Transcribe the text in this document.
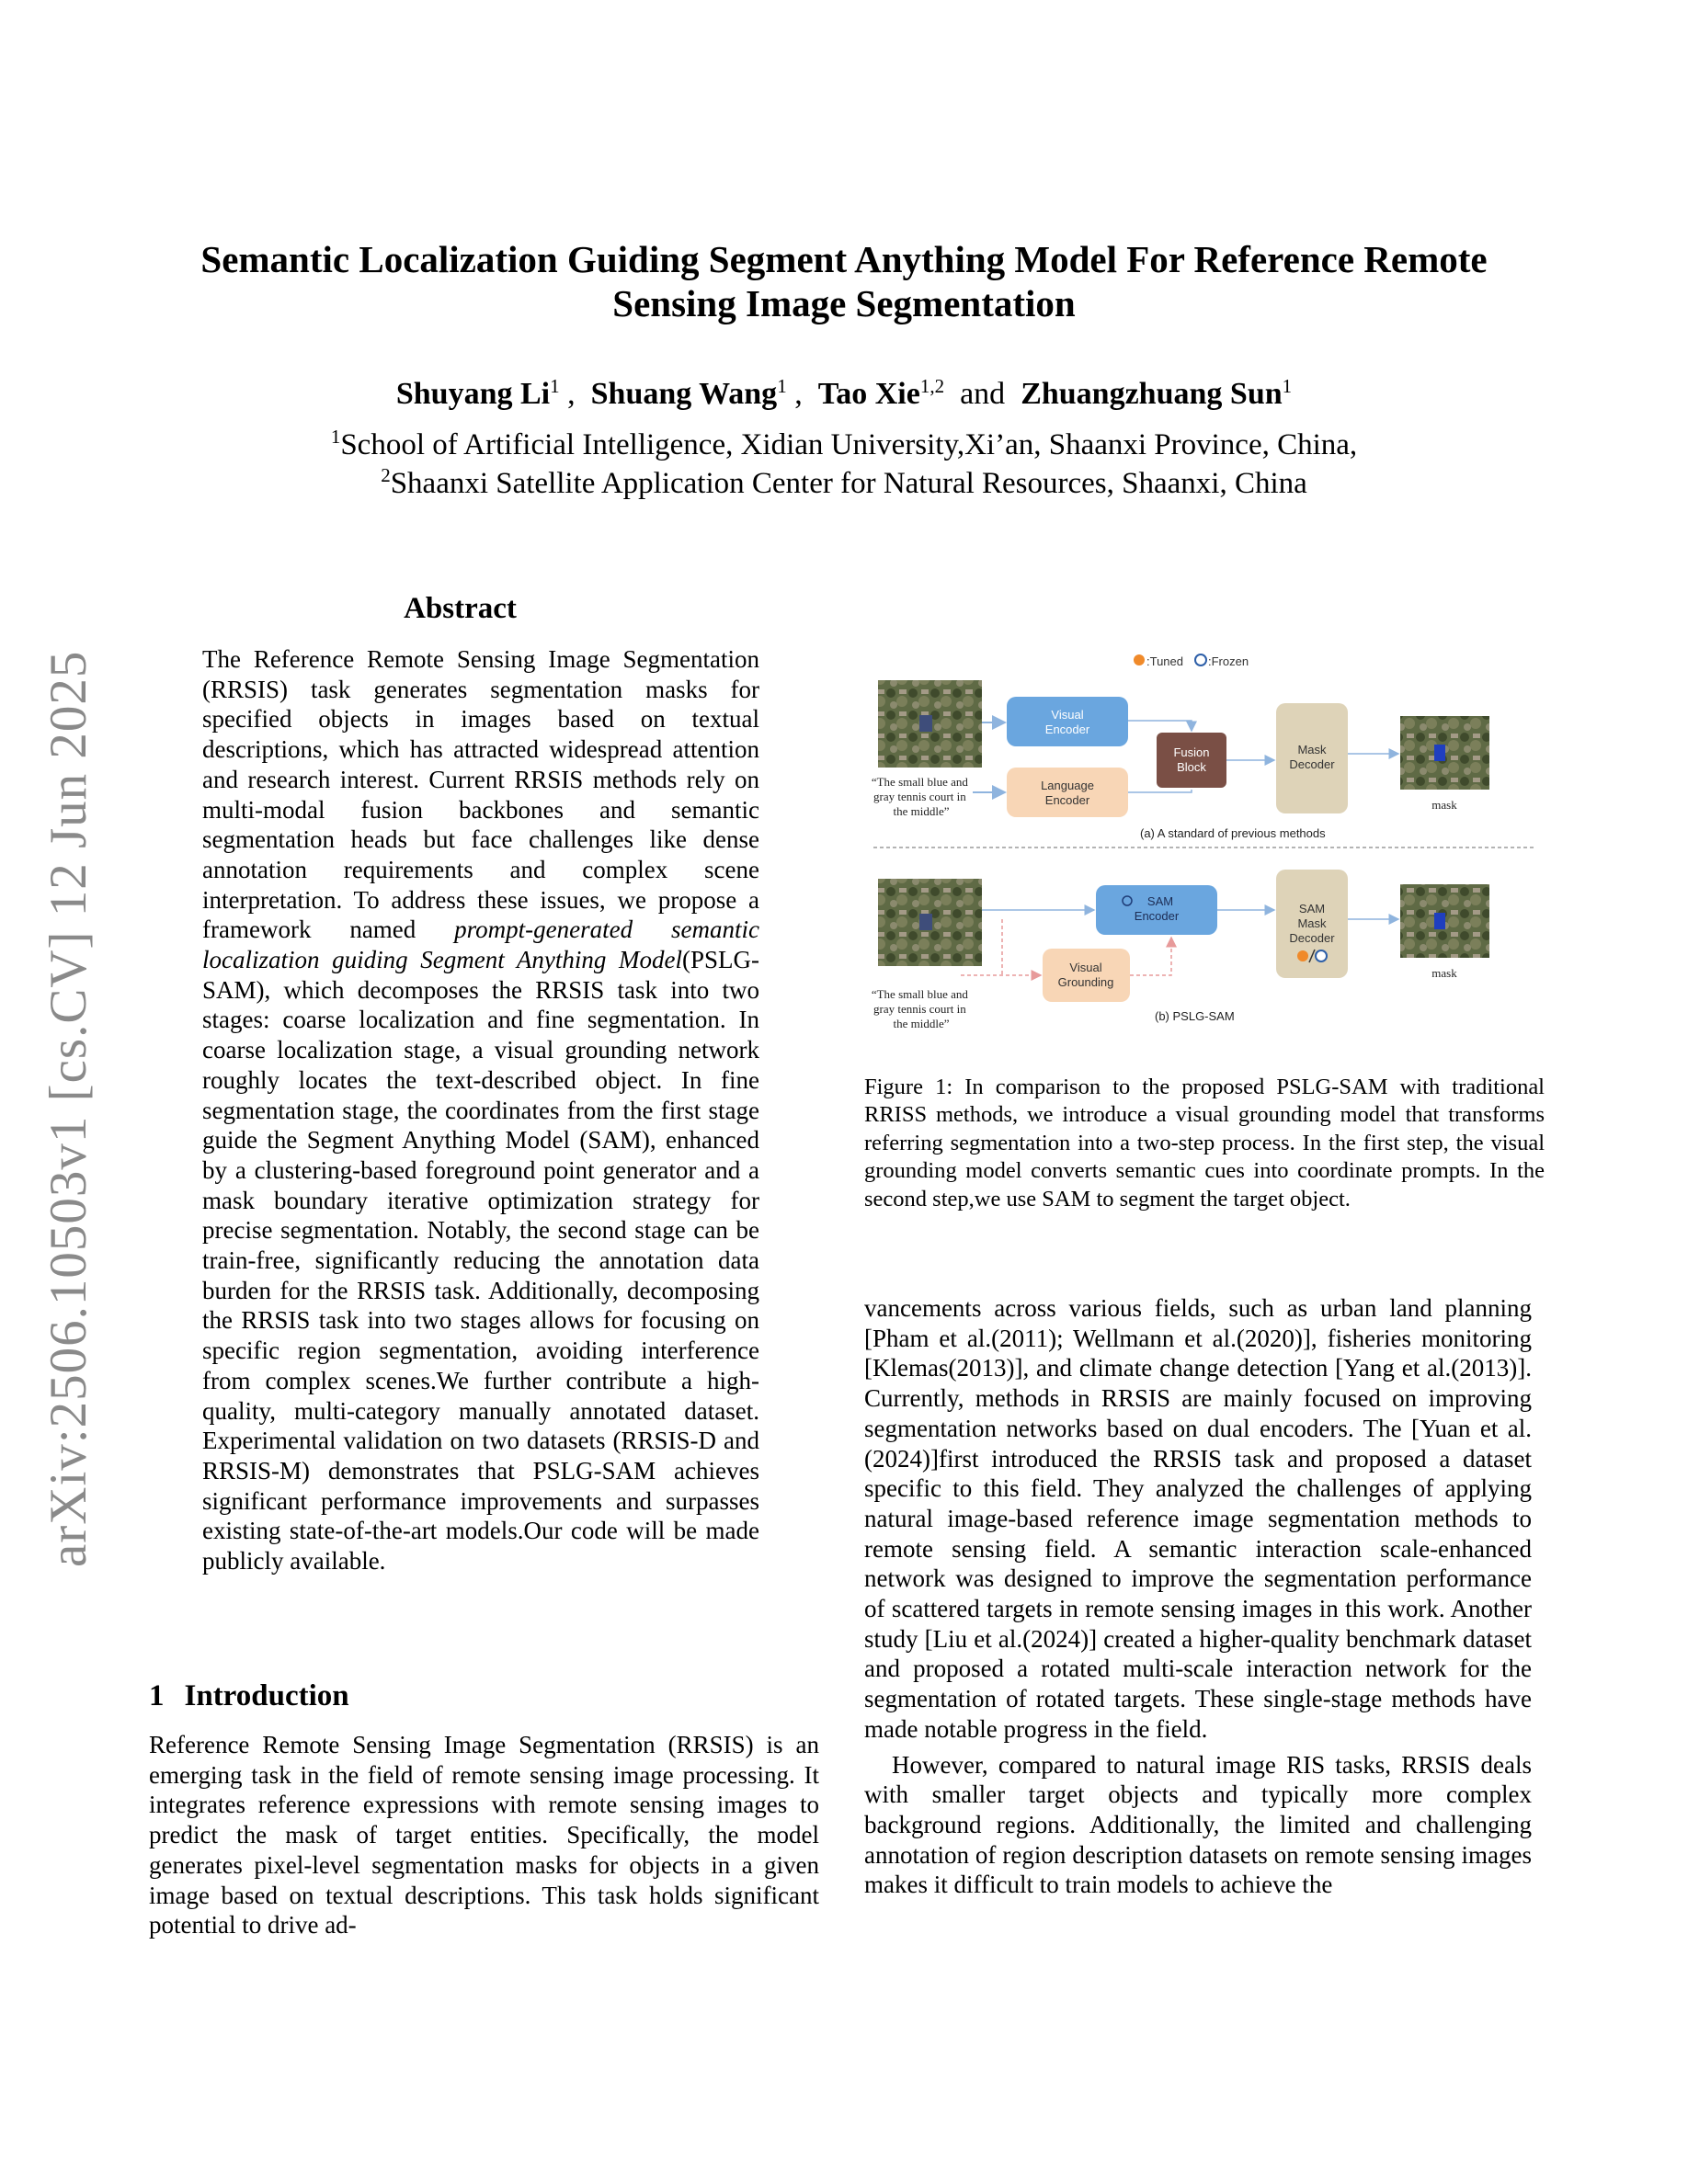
arXiv:2506.10503v1 [cs.CV] 12 Jun 2025
Semantic Localization Guiding Segment Anything Model For Reference Remote
Sensing Image Segmentation
Shuyang Li$^1$ ,  Shuang Wang$^1$ ,  Tao Xie$^{1,2}$ and Zhuangzhuang Sun$^1$
$^1$School of Artificial Intelligence, Xidian University,Xi’an, Shaanxi Province, China,
$^2$Shaanxi Satellite Application Center for Natural Resources, Shaanxi, China
Abstract

The Reference Remote Sensing Image Segmentation (RRSIS) task generates segmentation masks for specified objects in images based on textual descriptions, which has attracted widespread attention and research interest. Current RRSIS methods rely on multi-modal fusion backbones and semantic segmentation heads but face challenges like dense annotation requirements and complex scene interpretation. To address these issues, we propose a framework named prompt-generated semantic localization guiding Segment Anything Model(PSLG-SAM), which decomposes the RRSIS task into two stages: coarse localization and fine segmentation. In coarse localization stage, a visual grounding network roughly locates the text-described object. In fine segmentation stage, the coordinates from the first stage guide the Segment Anything Model (SAM), enhanced by a clustering-based foreground point generator and a mask boundary iterative optimization strategy for precise segmentation. Notably, the second stage can be train-free, significantly reducing the annotation data burden for the RRSIS task. Additionally, decomposing the RRSIS task into two stages allows for focusing on specific region segmentation, avoiding interference from complex scenes.We further contribute a high-quality, multi-category manually annotated dataset. Experimental validation on two datasets (RRSIS-D and RRSIS-M) demonstrates that PSLG-SAM achieves significant performance improvements and surpasses existing state-of-the-art models.Our code will be made publicly available.

1 Introduction

Reference Remote Sensing Image Segmentation (RRSIS) is an emerging task in the field of remote sensing image processing. It integrates reference expressions with remote sensing images to predict the mask of target entities. Specifically, the model generates pixel-level segmentation masks for objects in a given image based on textual descriptions. This task holds significant potential to drive ad-

:Tuned :Frozen
“The small blue and gray tennis court in the middle”
Visual Encoder
Language Encoder
Fusion Block
Mask Decoder
mask
(a) A standard of previous methods
“The small blue and gray tennis court in the middle”
SAM Encoder
Visual Grounding
SAM Mask Decoder
mask
(b) PSLG-SAM
Figure 1: In comparison to the proposed PSLG-SAM with traditional RRISS methods, we introduce a visual grounding model that transforms referring segmentation into a two-step process. In the first step, the visual grounding model converts semantic cues into coordinate prompts. In the second step,we use SAM to segment the target object.

vancements across various fields, such as urban land planning [Pham et al.(2011); Wellmann et al.(2020)], fisheries monitoring [Klemas(2013)], and climate change detection [Yang et al.(2013)]. Currently, methods in RRSIS are mainly focused on improving segmentation networks based on dual encoders. The [Yuan et al.(2024)]first introduced the RRSIS task and proposed a dataset specific to this field. They analyzed the challenges of applying natural image-based reference image segmentation methods to remote sensing field. A semantic interaction scale-enhanced network was designed to improve the segmentation performance of scattered targets in remote sensing images in this work. Another study [Liu et al.(2024)] created a higher-quality benchmark dataset and proposed a rotated multi-scale interaction network for the segmentation of rotated targets. These single-stage methods have made notable progress in the field.

However, compared to natural image RIS tasks, RRSIS deals with smaller target objects and typically more complex background regions. Additionally, the limited and challenging annotation of region description datasets on remote sensing images makes it difficult to train models to achieve the
